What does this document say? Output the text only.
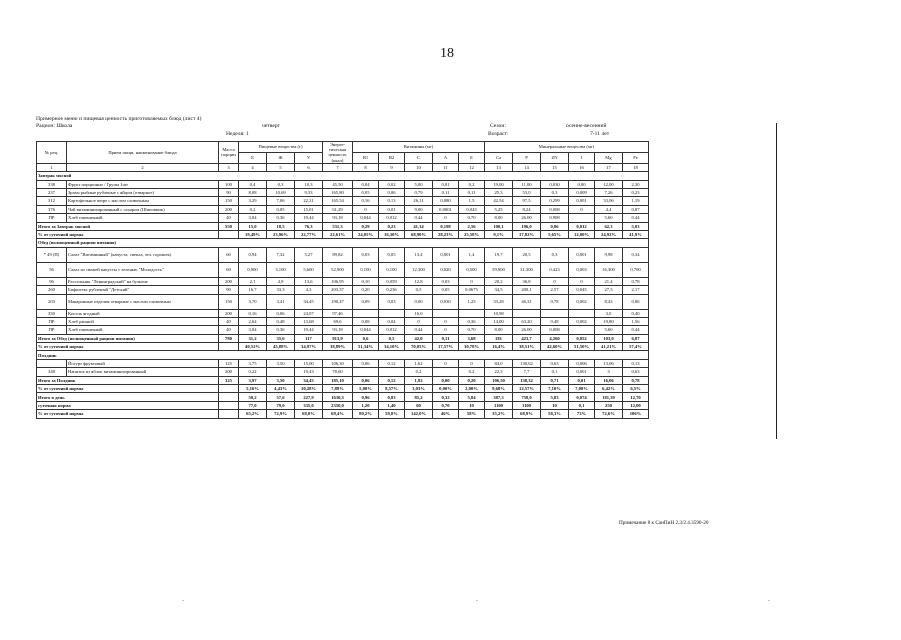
18
Примерное меню и пищевая ценность приготовляемых блюд (лист 4)
Рацион: Школа	четверг	Сезон:	осенне-весенний
Неделя: 1	Возраст:	7-11 лет
№ рец.	Прием пищи, наименование блюда	Масса порции	Пищевые вещества (г)			Энерге-тическая ценность (ккал)	Витамины (мг)					Минеральные вещества (мг)					
			Б	Ж	У		B1	B2	C	A	E	Ca	P	ZN	I	Mg	Fe
1	2	3	4	5	6	7	8	9	10	11	12	13	14	15	16	17	18
Завтрак мясной																	
338	Фрукт порционно / Груша 1шт	100	0,4	0,3	10,3	45,50	0,04	0,02	5,00	0,01	0,2	19,00	11,00	0,030	0,00	12,00	2,30
237	Зразы рыбные рубленые с яйцом (отварное)	90	8,08	10,69	9,33	165,80	0,05	0,06	0,79	0,11	0,11	25,3	53,0	0,3	0,009	7,26	0,23
312	Картофельное пюре с маслом сливочным	150	3,29	7,06	22,21	165,54	0,16	0,13	26,11	0,080	1,5	42,54	97,5	0,299	0,001	33,06	1,19
376	Чай витаминизированный с сахаром (Шиповник)	200	0,2	0,05	15,01	61,29	0	0,01	9,00	0,0001	0,043	5,25	8,24	0,008	0	4,4	0,87
ПР	Хлеб пшеничный	40	3,04	0,36	19,44	93,18	0,044	0,012	0,44	0	0,70	8,00	26,00	0,908		5,60	0,44
Итого за Завтрак мясной		550	15,0	18,5	76,3	531,3	0,29	0,23	41,34	0,198	2,56	100,1	196,0	0,86	0,012	62,3	5,03
% от суточной нормы			19,49%	23,96%	22,77%	22,61%	24,05%	16,30%	68,90%	28,23%	25,58%	9,1%	17,82%	5,65%	12,00%	24,92%	41,9%
Обед (полноценный рацион питания)																	
* 49 (П)	Салат "Витаминный" (капуста, свекла, зел. горошек)	60	0,94	7,32	5,27	89,82	0,03	0,05	13,4	0,001	1,4	19,7	20,5	0,3	0,001	9,98	0,34
56	Салат из свежей капусты с зеленью "Молодость"	60	0,900	3,100	5,600	52,900	0,100	0,100	12,300	0,020	0,500	59,900	31,300	0,423	0,003	16,300	0,700
96	Рассольник "Ленинградский" на бульоне	200	2,1	4,9	13,6	106,95	0,10	0,059	12,8	0,03	0	20,2	36,8	0	0	21,4	0,78
260	Бифштекс рубленый "Детский"	90	16,7	33,3	4,3	203,37	0,20	0,236	0,5	0,05	0,0675	34,5	200,1	2,57	0,045	27,3	2,17
203	Макаронные изделия отварные с маслом сливочным	150	3,70	3,41	34,45	190,47	0,09	0,03	0,00	0,030	1,25	33,28	46,31	0,78	0,002	8,43	0,86
350	Кисель ягодный	200	0,16	0,06	24,07	97,46			16,0			10,98				3,0	0,40
ПР	Хлеб ржаной	40	2,64	0,48	13,68	69,6	0,08	0,04	0	0	0,36	14,00	63,20	0,48	0,002	19,80	1,56
ПР	Хлеб пшеничный	40	3,04	0,36	19,44	93,18	0,044	0,012	0,44	0	0,70	8,00	26,00	0,008		5,60	0,44
Итого за Обед (полноценный рацион питания)		780	31,2	35,6	117	913,9	0,6	0,5	42,0	0,11	3,68	181	423,7	4,260	0,052	103,0	6,87
% от суточной нормы			40,52%	45,88%	34,97%	38,89%	51,34%	34,10%	70,05%	17,57%	30,78%	16,4%	38,51%	42,60%	51,50%	41,21%	57,4%
Полдник																	
	Йогурт фруктовый	125	3,75	3,50	15,00	106,30	0,06	0,12	1,62	0	0	84,0	130,62	0,63	0,006	13,06	0,13
348	Напиток из яблок витаминизированный	200	0,22		19,43	78,60			0,2		0,2	22,5	7,7	0,1	0,001	3	0,63
Итого за Полдник		325	3,97	3,50	34,43	185,10	0,06	0,12	1,82	0,00	0,20	106,50	138,32	0,71	0,01	16,06	0,78
% от суточной нормы			5,16%	4,43%	10,28%	7,88%	5,00%	8,57%	3,03%	0,00%	2,00%	9,68%	12,57%	7,10%	7,00%	6,42%	6,5%
Итого в день			50,2	57,6	227,9	1630,3	0,96	0,83	85,2	0,32	5,84	387,3	758,0	5,83	0,074	181,39	12,70
суточная норма			77,0	79,0	335,0	2350,0	1,20	1,40	60	0,70	10	1100	1100	10	0,1	250	12,00
% от суточной нормы			65,2%	72,9%	68,0%	69,4%	80,2%	59,0%	142,0%	46%	58%	35,2%	68,9%	58,3%	73%	72,6%	106%
Примечание 8 к СанПиН 2.3/2.4.3590-20
-	-	-
